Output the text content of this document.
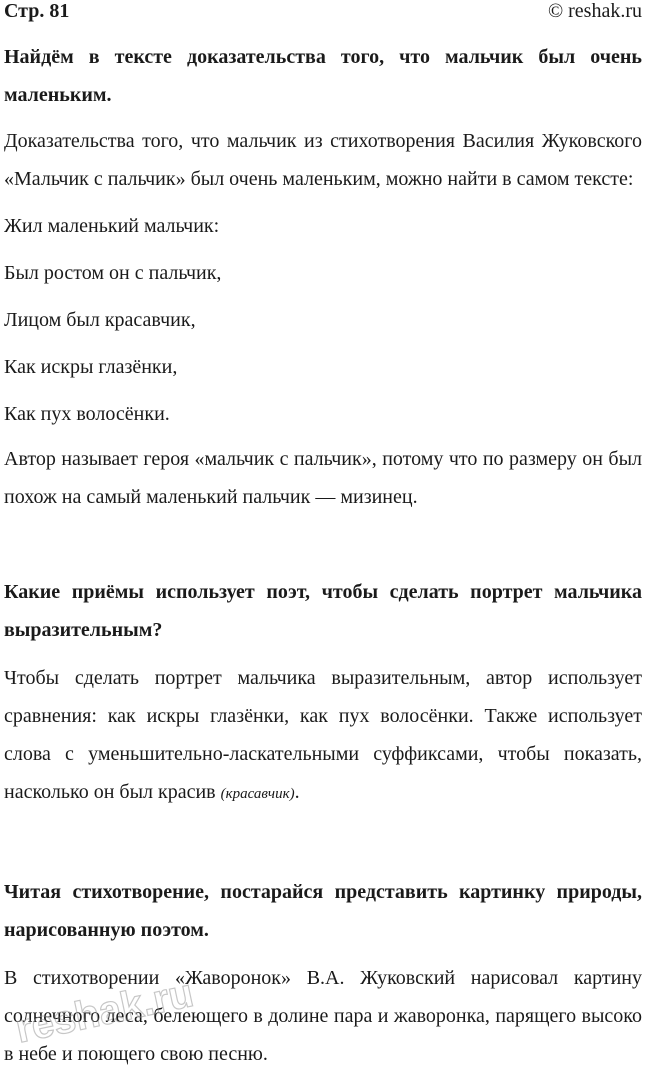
Стр. 81	© reshak.ru

Найдём в тексте доказательства того, что мальчик был очень маленьким.

Доказательства того, что мальчик из стихотворения Василия Жуковского «Мальчик с пальчик» был очень маленьким, можно найти в самом тексте:

Жил маленький мальчик:

Был ростом он с пальчик,

Лицом был красавчик,

Как искры глазёнки,

Как пух волосёнки.

Автор называет героя «мальчик с пальчик», потому что по размеру он был похож на самый маленький пальчик — мизинец.

Какие приёмы использует поэт, чтобы сделать портрет мальчика выразительным?

Чтобы сделать портрет мальчика выразительным, автор использует сравнения: как искры глазёнки, как пух волосёнки. Также использует слова с уменьшительно-ласкательными суффиксами, чтобы показать, насколько он был красив (красавчик).

Читая стихотворение, постарайся представить картинку природы, нарисованную поэтом.

В стихотворении «Жаворонок» В.А. Жуковский нарисовал картину солнечного леса, белеющего в долине пара и жаворонка, парящего высоко в небе и поющего свою песню.

reshak.ru
